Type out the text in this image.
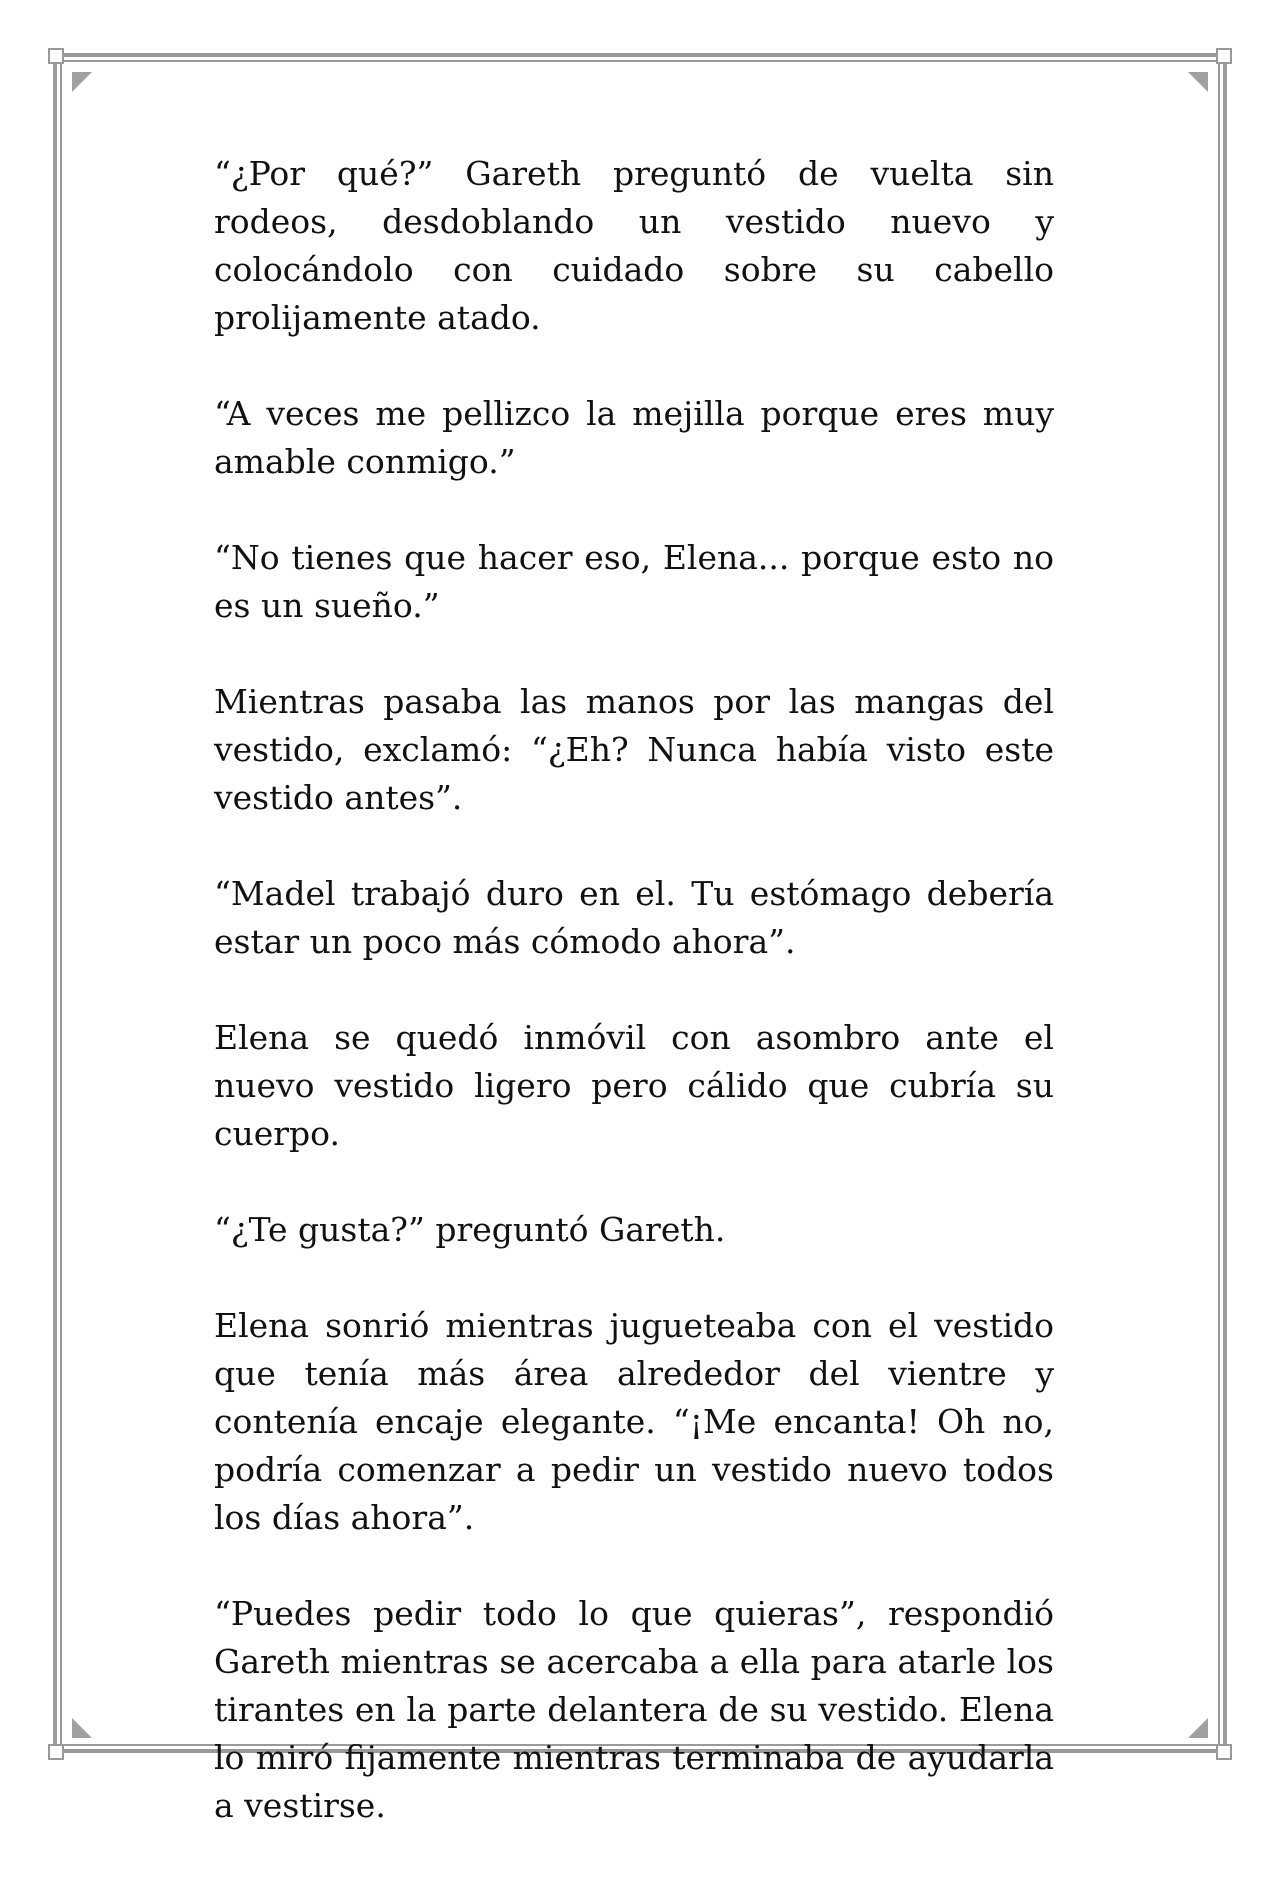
“¿Por qué?” Gareth preguntó de vuelta sin rodeos, desdoblando un vestido nuevo y colocándolo con cuidado sobre su cabello prolijamente atado.

“A veces me pellizco la mejilla porque eres muy amable conmigo.”

“No tienes que hacer eso, Elena... porque esto no es un sueño.”

Mientras pasaba las manos por las mangas del vestido, exclamó: “¿Eh? Nunca había visto este vestido antes”.

“Madel trabajó duro en el. Tu estómago debería estar un poco más cómodo ahora”.

Elena se quedó inmóvil con asombro ante el nuevo vestido ligero pero cálido que cubría su cuerpo.

“¿Te gusta?” preguntó Gareth.

Elena sonrió mientras jugueteaba con el vestido que tenía más área alrededor del vientre y contenía encaje elegante. “¡Me encanta! Oh no, podría comenzar a pedir un vestido nuevo todos los días ahora”.

“Puedes pedir todo lo que quieras”, respondió Gareth mientras se acercaba a ella para atarle los tirantes en la parte delantera de su vestido. Elena lo miró fijamente mientras terminaba de ayudarla a vestirse.
